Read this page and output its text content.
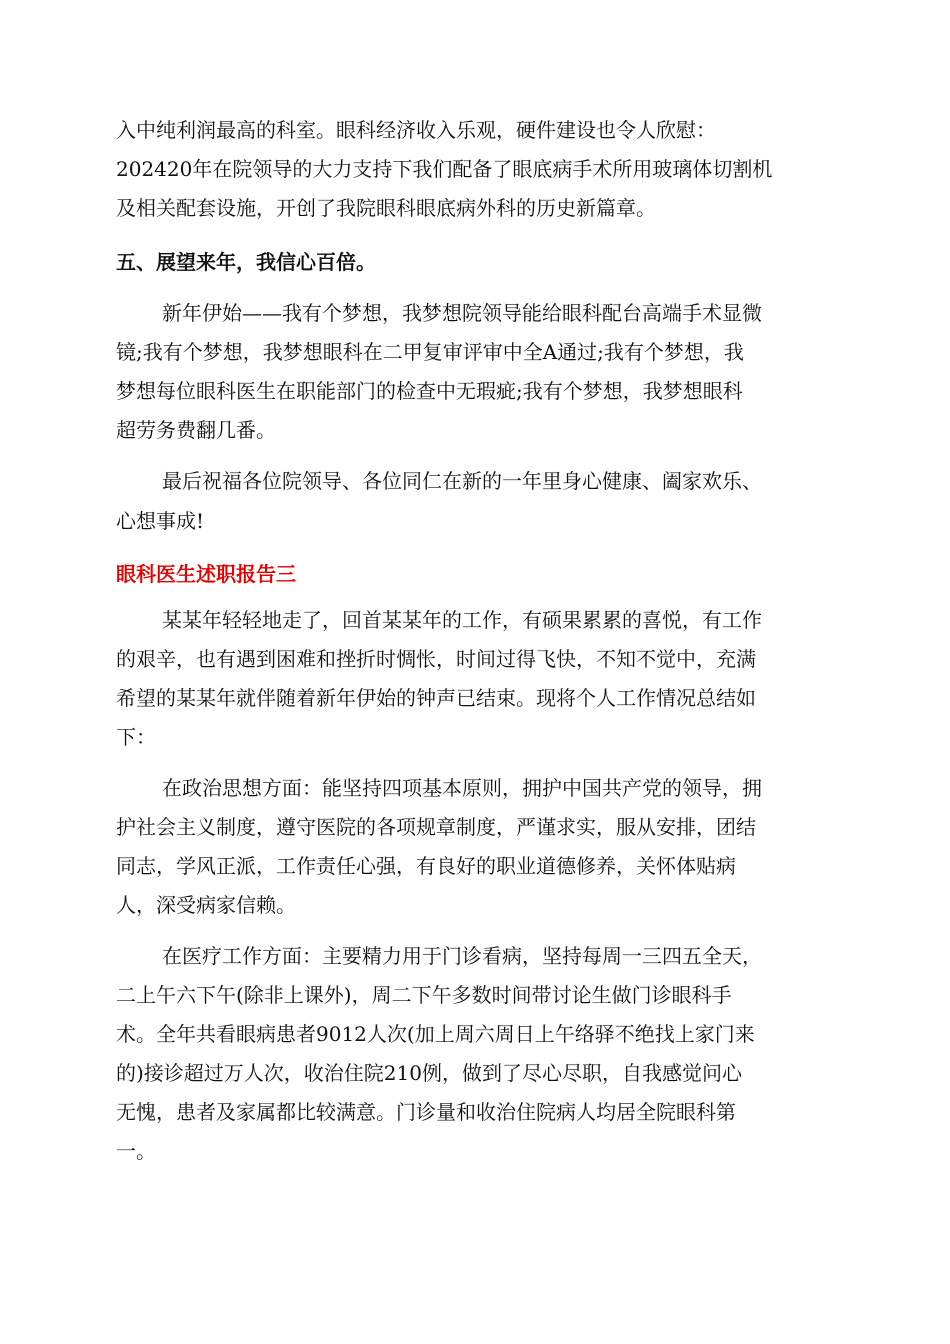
入中纯利润最高的科室。眼科经济收入乐观，硬件建设也令人欣慰：
202420年在院领导的大力支持下我们配备了眼底病手术所用玻璃体切割机
及相关配套设施，开创了我院眼科眼底病外科的历史新篇章。
五、展望来年，我信心百倍。
新年伊始——我有个梦想，我梦想院领导能给眼科配台高端手术显微
镜;我有个梦想，我梦想眼科在二甲复审评审中全A通过;我有个梦想，我
梦想每位眼科医生在职能部门的检查中无瑕疵;我有个梦想，我梦想眼科
超劳务费翻几番。
最后祝福各位院领导、各位同仁在新的一年里身心健康、阖家欢乐、
心想事成!
眼科医生述职报告三
某某年轻轻地走了，回首某某年的工作，有硕果累累的喜悦，有工作
的艰辛，也有遇到困难和挫折时惆怅，时间过得飞快，不知不觉中，充满
希望的某某年就伴随着新年伊始的钟声已结束。现将个人工作情况总结如
下：
在政治思想方面：能坚持四项基本原则，拥护中国共产党的领导，拥
护社会主义制度，遵守医院的各项规章制度，严谨求实，服从安排，团结
同志，学风正派，工作责任心强，有良好的职业道德修养，关怀体贴病
人，深受病家信赖。
在医疗工作方面：主要精力用于门诊看病，坚持每周一三四五全天，
二上午六下午(除非上课外)，周二下午多数时间带讨论生做门诊眼科手
术。全年共看眼病患者9012人次(加上周六周日上午络驿不绝找上家门来
的)接诊超过万人次，收治住院210例，做到了尽心尽职，自我感觉问心
无愧，患者及家属都比较满意。门诊量和收治住院病人均居全院眼科第
一。
